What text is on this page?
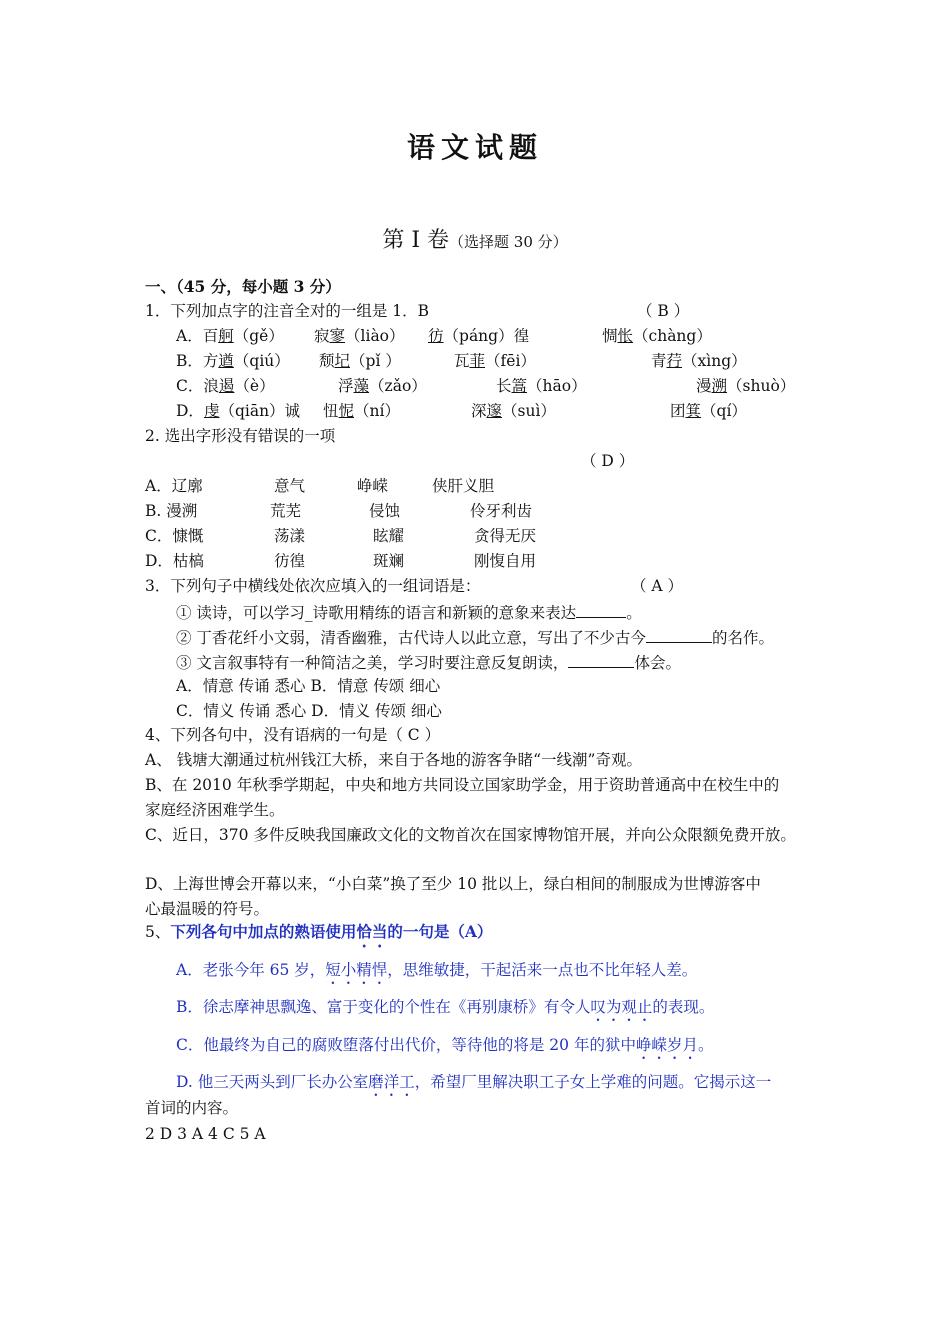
语文试题
第 I 卷（选择题 30 分）
一、（45 分，每小题 3 分）
1．下列加点字的注音全对的一组是 1．B	（ B ）
A．百舸（gě） 寂寥（liào） 彷（páng）徨	惆怅（chàng）
B．方遒（qiú） 颓圮（pǐ ）	瓦菲（fēi）	青荇（xìng）
C．浪遏（è）	浮藻（zǎo）	长篙（hāo）	漫溯（shuò）
D．虔（qiān）诚 忸怩（ní）	深邃（suì）	团箕（qí）
2. 选出字形没有错误的一项
（ D ）
A．辽廓	意气	峥嵘	侠肝义胆
B. 漫溯	荒芜	侵蚀	伶牙利齿
C．慷慨	荡漾	眩耀	贪得无厌
D．枯槁	彷徨	斑斓	刚愎自用
3．下列句子中横线处依次应填入的一组词语是：	（ A ）
① 读诗，可以学习_诗歌用精练的语言和新颖的意象来表达	。
② 丁香花纤小文弱，清香幽雅，古代诗人以此立意，写出了不少古今	的名作。
③ 文言叙事特有一种简洁之美，学习时要注意反复朗读，	体会。
A．情意 传诵 悉心 B．情意 传颂 细心
C．情义 传诵 悉心 D．情义 传颂 细心
4、下列各句中，没有语病的一句是（ C ）
A、 钱塘大潮通过杭州钱江大桥，来自于各地的游客争睹“一线潮”奇观。
B、在 2010 年秋季学期起，中央和地方共同设立国家助学金，用于资助普通高中在校生中的
家庭经济困难学生。
C、近日，370 多件反映我国廉政文化的文物首次在国家博物馆开展，并向公众限额免费开放。
D、上海世博会开幕以来，“小白菜”换了至少 10 批以上，绿白相间的制服成为世博游客中
心最温暖的符号。
5、下列各句中加点的熟语使用恰当的一句是（A）
A．老张今年 65 岁，短小精悍，思维敏捷，干起活来一点也不比年轻人差。
B．徐志摩神思飘逸、富于变化的个性在《再别康桥》有令人叹为观止的表现。
C．他最终为自己的腐败堕落付出代价，等待他的将是 20 年的狱中峥嵘岁月。
D. 他三天两头到厂长办公室磨洋工，希望厂里解决职工子女上学难的问题。它揭示这一
首词的内容。
2 D 3 A 4 C 5 A
